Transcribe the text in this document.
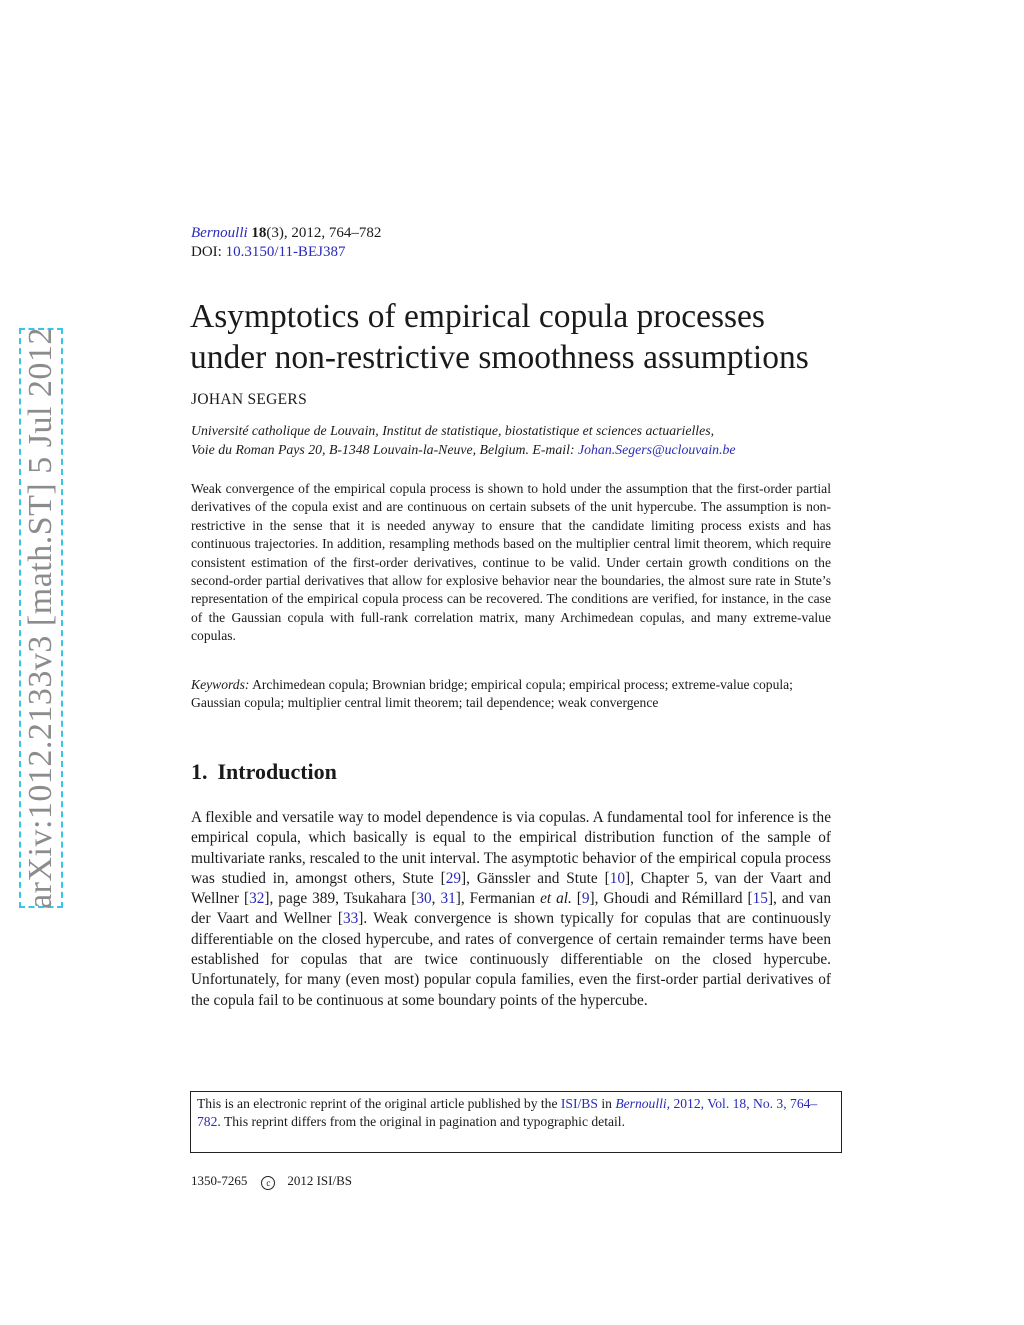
arXiv:1012.2133v3 [math.ST] 5 Jul 2012
Bernoulli 18(3), 2012, 764–782
DOI: 10.3150/11-BEJ387
Asymptotics of empirical copula processes
under non-restrictive smoothness assumptions
JOHAN SEGERS
Université catholique de Louvain, Institut de statistique, biostatistique et sciences actuarielles,
Voie du Roman Pays 20, B-1348 Louvain-la-Neuve, Belgium. E-mail: Johan.Segers@uclouvain.be
Weak convergence of the empirical copula process is shown to hold under the assumption that the first-order partial derivatives of the copula exist and are continuous on certain subsets of the unit hypercube. The assumption is non-restrictive in the sense that it is needed anyway to ensure that the candidate limiting process exists and has continuous trajectories. In addition, resampling methods based on the multiplier central limit theorem, which require consistent estimation of the first-order derivatives, continue to be valid. Under certain growth conditions on the second-order partial derivatives that allow for explosive behavior near the boundaries, the almost sure rate in Stute’s representation of the empirical copula process can be recovered. The conditions are verified, for instance, in the case of the Gaussian copula with full-rank correlation matrix, many Archimedean copulas, and many extreme-value copulas.
Keywords: Archimedean copula; Brownian bridge; empirical copula; empirical process; extreme-value copula; Gaussian copula; multiplier central limit theorem; tail dependence; weak convergence
1. Introduction
A flexible and versatile way to model dependence is via copulas. A fundamental tool for inference is the empirical copula, which basically is equal to the empirical distribution function of the sample of multivariate ranks, rescaled to the unit interval. The asymptotic behavior of the empirical copula process was studied in, amongst others, Stute [29], Gänssler and Stute [10], Chapter 5, van der Vaart and Wellner [32], page 389, Tsukahara [30, 31], Fermanian et al. [9], Ghoudi and Rémillard [15], and van der Vaart and Wellner [33]. Weak convergence is shown typically for copulas that are continuously differentiable on the closed hypercube, and rates of convergence of certain remainder terms have been established for copulas that are twice continuously differentiable on the closed hypercube. Unfortunately, for many (even most) popular copula families, even the first-order partial derivatives of the copula fail to be continuous at some boundary points of the hypercube.
This is an electronic reprint of the original article published by the ISI/BS in Bernoulli, 2012, Vol. 18, No. 3, 764–782. This reprint differs from the original in pagination and typographic detail.
1350-7265 c 2012 ISI/BS
